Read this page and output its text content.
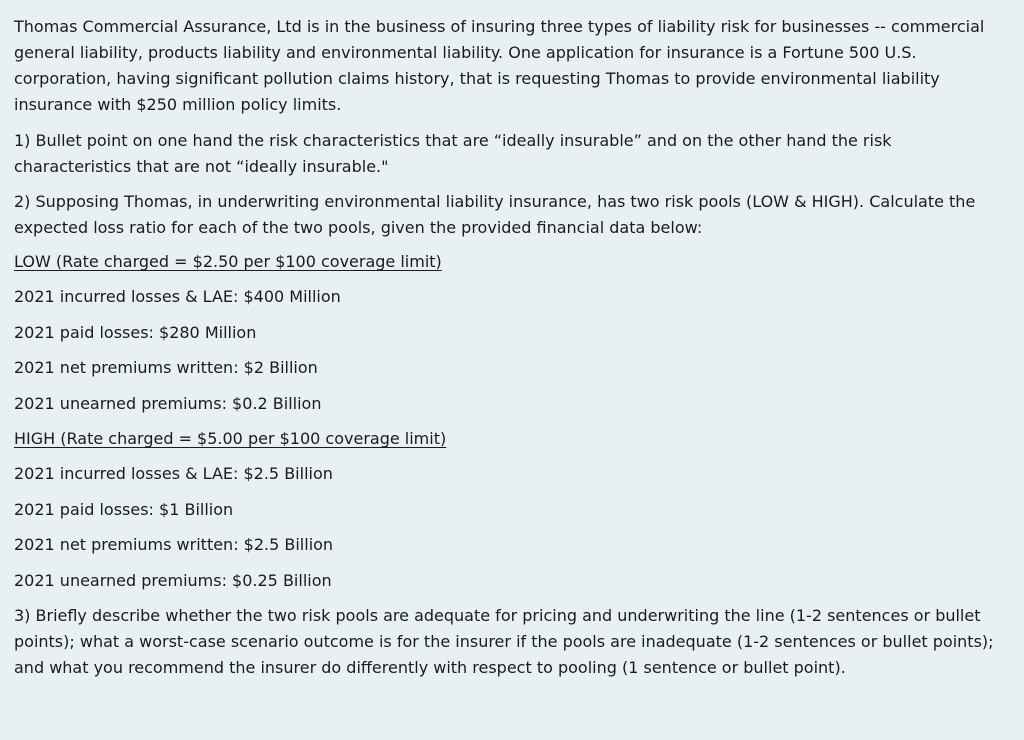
Thomas Commercial Assurance, Ltd is in the business of insuring three types of liability risk for businesses -- commercial general liability, products liability and environmental liability. One application for insurance is a Fortune 500 U.S. corporation, having significant pollution claims history, that is requesting Thomas to provide environmental liability insurance with $250 million policy limits.

1) Bullet point on one hand the risk characteristics that are “ideally insurable” and on the other hand the risk characteristics that are not “ideally insurable."

2) Supposing Thomas, in underwriting environmental liability insurance, has two risk pools (LOW & HIGH). Calculate the expected loss ratio for each of the two pools, given the provided financial data below:

LOW (Rate charged = $2.50 per $100 coverage limit)

2021 incurred losses & LAE: $400 Million

2021 paid losses: $280 Million

2021 net premiums written: $2 Billion

2021 unearned premiums: $0.2 Billion

HIGH (Rate charged = $5.00 per $100 coverage limit)

2021 incurred losses & LAE: $2.5 Billion

2021 paid losses: $1 Billion

2021 net premiums written: $2.5 Billion

2021 unearned premiums: $0.25 Billion

3) Briefly describe whether the two risk pools are adequate for pricing and underwriting the line (1-2 sentences or bullet points); what a worst-case scenario outcome is for the insurer if the pools are inadequate (1-2 sentences or bullet points); and what you recommend the insurer do differently with respect to pooling (1 sentence or bullet point).
